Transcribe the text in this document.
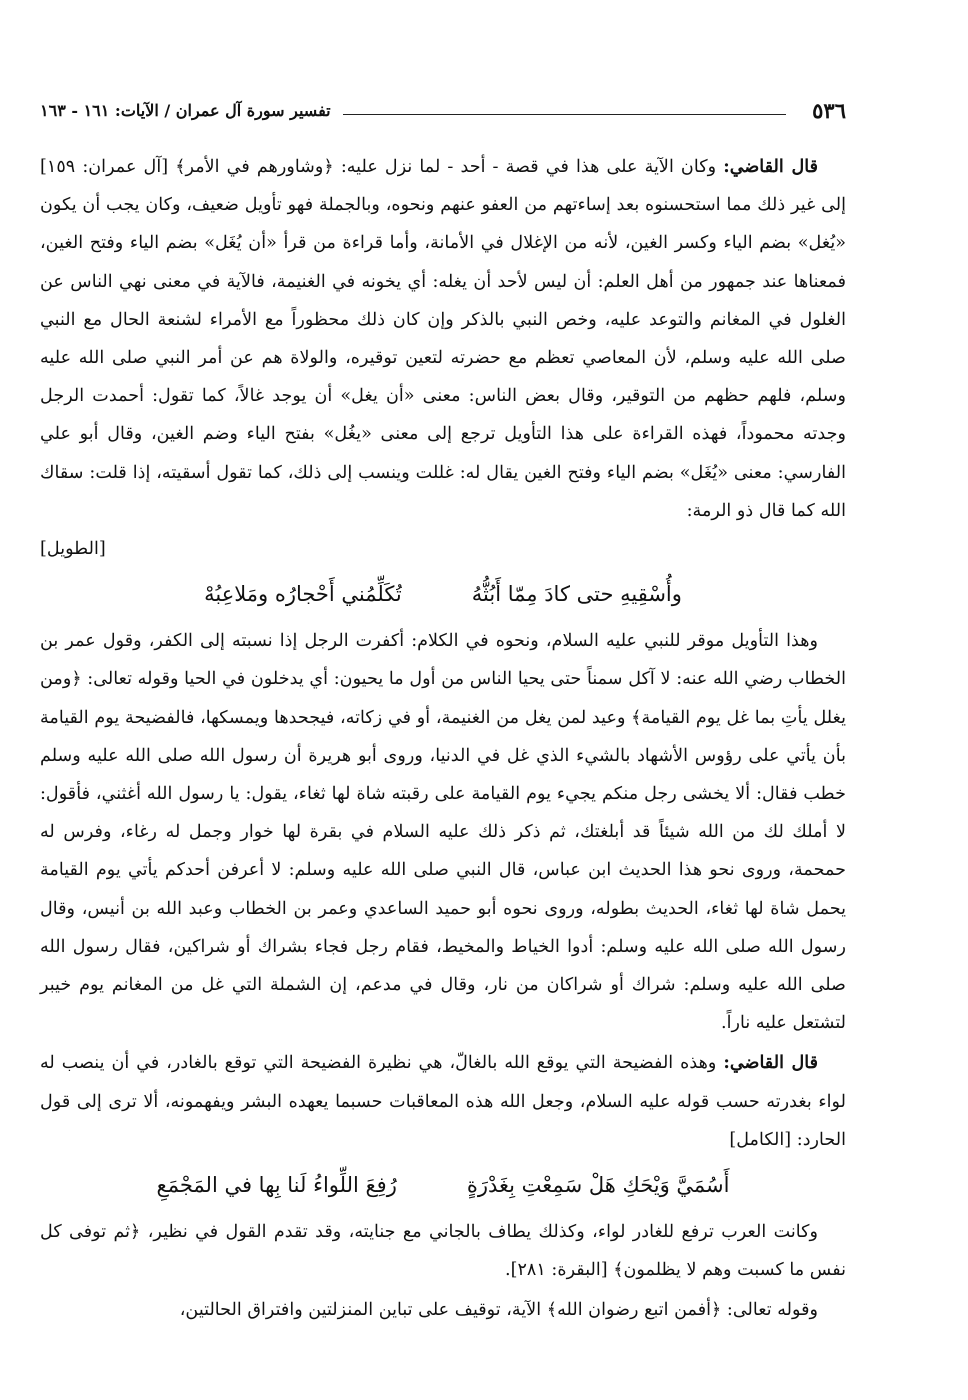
٥٣٦
تفسير سورة آل عمران / الآيات: ١٦١ - ١٦٣

قال القاضي: وكان الآية على هذا في قصة - أحد - لما نزل عليه: ﴿وشاورهم في الأمر﴾ [آل عمران: ١٥٩] إلى غير ذلك مما استحسنوه بعد إساءتهم من العفو عنهم ونحوه، وبالجملة فهو تأويل ضعيف، وكان يجب أن يكون «يُغل» بضم الياء وكسر الغين، لأنه من الإغلال في الأمانة، وأما قراءة من قرأ «أن يُغَل» بضم الياء وفتح الغين، فمعناها عند جمهور من أهل العلم: أن ليس لأحد أن يغله: أي يخونه في الغنيمة، فالآية في معنى نهي الناس عن الغلول في المغانم والتوعد عليه، وخص النبي بالذكر وإن كان ذلك محظوراً مع الأمراء لشنعة الحال مع النبي صلى الله عليه وسلم، لأن المعاصي تعظم مع حضرته لتعين توقيره، والولاة هم عن أمر النبي صلى الله عليه وسلم، فلهم حظهم من التوقير، وقال بعض الناس: معنى «أن يغل» أن يوجد غالاً، كما تقول: أحمدت الرجل وجدته محموداً، فهذه القراءة على هذا التأويل ترجع إلى معنى «يغُل» بفتح الياء وضم الغين، وقال أبو علي الفارسي: معنى «يُغَل» بضم الياء وفتح الغين يقال له: غللت وينسب إلى ذلك، كما تقول أسقيته، إذا قلت: سقاك الله كما قال ذو الرمة:
[الطويل]

وأُسْقِيهِ حتى كادَ مِمّا أَبُثُّهُ
تُكَلِّمُني أَحْجارُه ومَلاعِبُهْ

وهذا التأويل موقر للنبي عليه السلام، ونحوه في الكلام: أكفرت الرجل إذا نسبته إلى الكفر، وقول عمر بن الخطاب رضي الله عنه: لا آكل سمناً حتى يحيا الناس من أول ما يحيون: أي يدخلون في الحيا وقوله تعالى: ﴿ومن يغلل يأتِ بما غل يوم القيامة﴾ وعيد لمن يغل من الغنيمة، أو في زكاته، فيجحدها ويمسكها، فالفضيحة يوم القيامة بأن يأتي على رؤوس الأشهاد بالشيء الذي غل في الدنيا، وروى أبو هريرة أن رسول الله صلى الله عليه وسلم خطب فقال: ألا يخشى رجل منكم يجيء يوم القيامة على رقبته شاة لها ثغاء، يقول: يا رسول الله أغثني، فأقول: لا أملك لك من الله شيئاً قد أبلغتك، ثم ذكر ذلك عليه السلام في بقرة لها خوار وجمل له رغاء، وفرس له حمحمة، وروى نحو هذا الحديث ابن عباس، قال النبي صلى الله عليه وسلم: لا أعرفن أحدكم يأتي يوم القيامة يحمل شاة لها ثغاء، الحديث بطوله، وروى نحوه أبو حميد الساعدي وعمر بن الخطاب وعبد الله بن أنيس، وقال رسول الله صلى الله عليه وسلم: أدوا الخياط والمخيط، فقام رجل فجاء بشراك أو شراكين، فقال رسول الله صلى الله عليه وسلم: شراك أو شراكان من نار، وقال في مدعم، إن الشملة التي غل من المغانم يوم خيبر لتشتعل عليه ناراً.

قال القاضي: وهذه الفضيحة التي يوقع الله بالغالّ، هي نظيرة الفضيحة التي توقع بالغادر، في أن ينصب له لواء بغدرته حسب قوله عليه السلام، وجعل الله هذه المعاقبات حسبما يعهده البشر ويفهمونه، ألا ترى إلى قول الحارد: [الكامل]

أَسُمَيَّ وَيْحَكِ هَلْ سَمِعْتِ بِغَدْرَةٍ
رُفِعَ اللِّواءُ لَنا بِها في المَجْمَعِ

وكانت العرب ترفع للغادر لواء، وكذلك يطاف بالجاني مع جنايته، وقد تقدم القول في نظير، ﴿ثم توفى كل نفس ما كسبت وهم لا يظلمون﴾ [البقرة: ٢٨١].

وقوله تعالى: ﴿أفمن اتبع رضوان الله﴾ الآية، توقيف على تباين المنزلتين وافتراق الحالتين،
